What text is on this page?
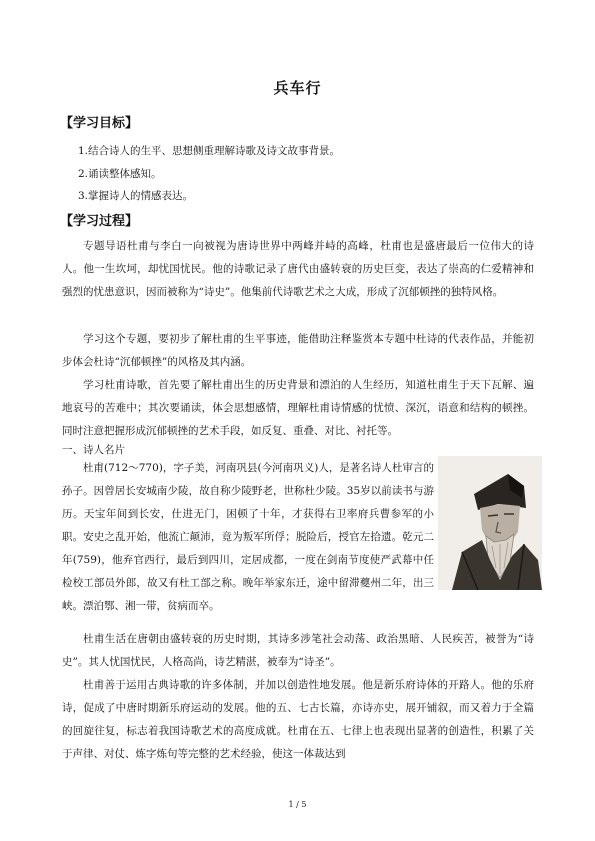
兵车行
【学习目标】
1.结合诗人的生平、思想侧重理解诗歌及诗文故事背景。
2.诵读整体感知。
3.掌握诗人的情感表达。
【学习过程】

专题导语杜甫与李白一向被视为唐诗世界中两峰并峙的高峰，杜甫也是盛唐最后一位伟大的诗人。他一生坎坷，却忧国忧民。他的诗歌记录了唐代由盛转衰的历史巨变，表达了崇高的仁爱精神和强烈的忧患意识，因而被称为“诗史”。他集前代诗歌艺术之大成，形成了沉郁顿挫的独特风格。

学习这个专题，要初步了解杜甫的生平事迹，能借助注释鉴赏本专题中杜诗的代表作品，并能初步体会杜诗“沉郁顿挫”的风格及其内涵。

学习杜甫诗歌，首先要了解杜甫出生的历史背景和漂泊的人生经历，知道杜甫生于天下瓦解、遍地哀号的苦难中；其次要诵读，体会思想感情，理解杜甫诗情感的忧愤、深沉，语意和结构的顿挫。同时注意把握形成沉郁顿挫的艺术手段，如反复、重叠、对比、衬托等。

一、诗人名片

杜甫(712～770)，字子美，河南巩县(今河南巩义)人，是著名诗人杜审言的孙子。因曾居长安城南少陵，故自称少陵野老，世称杜少陵。35岁以前读书与游历。天宝年间到长安，仕进无门，困顿了十年，才获得右卫率府兵曹参军的小职。安史之乱开始，他流亡颠沛，竟为叛军所俘；脱险后，授官左拾遗。乾元二年(759)，他弃官西行，最后到四川，定居成都，一度在剑南节度使严武幕中任检校工部员外郎，故又有杜工部之称。晚年举家东迁，途中留滞夔州二年，出三峡。漂泊鄂、湘一带，贫病而卒。

杜甫生活在唐朝由盛转衰的历史时期，其诗多涉笔社会动荡、政治黑暗、人民疾苦，被誉为“诗史”。其人忧国忧民，人格高尚，诗艺精湛，被奉为“诗圣”。

杜甫善于运用古典诗歌的许多体制，并加以创造性地发展。他是新乐府诗体的开路人。他的乐府诗，促成了中唐时期新乐府运动的发展。他的五、七古长篇，亦诗亦史，展开铺叙，而又着力于全篇的回旋往复，标志着我国诗歌艺术的高度成就。杜甫在五、七律上也表现出显著的创造性，积累了关于声律、对仗、炼字炼句等完整的艺术经验，使这一体裁达到

1 / 5
